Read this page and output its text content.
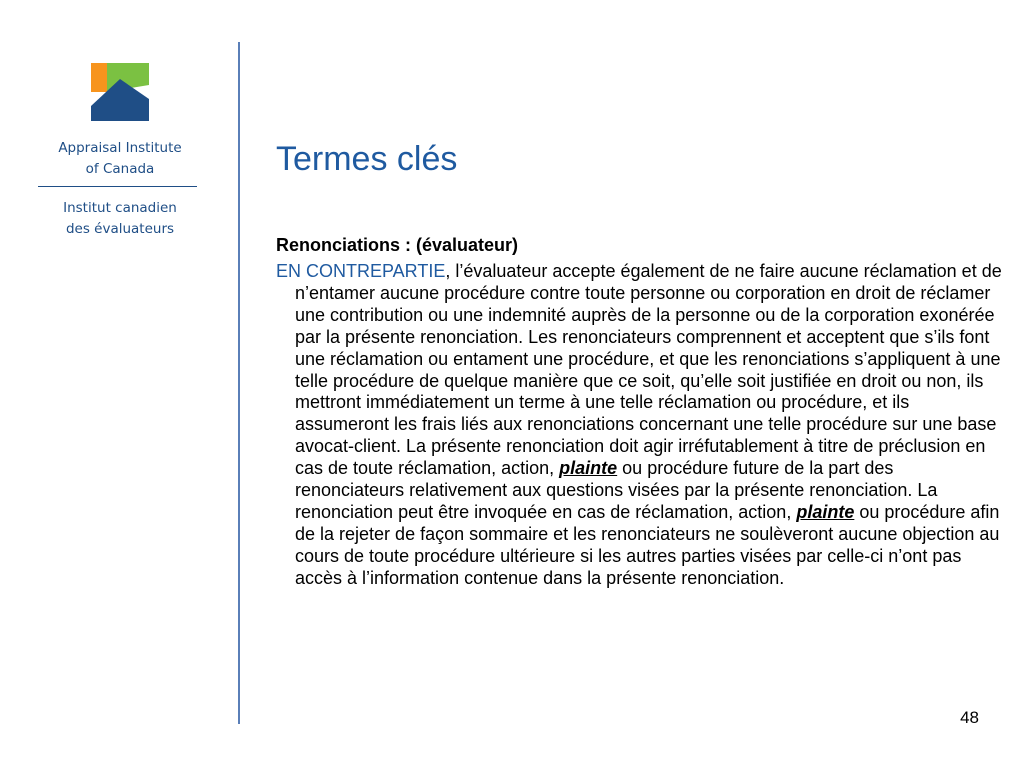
Appraisal Institute
of Canada
Institut canadien
des évaluateurs
Termes clés
Renonciations : (évaluateur)

EN CONTREPARTIE, l’évaluateur accepte également de ne faire aucune réclamation et de n’entamer aucune procédure contre toute personne ou corporation en droit de réclamer une contribution ou une indemnité auprès de la personne ou de la corporation exonérée par la présente renonciation. Les renonciateurs comprennent et acceptent que s’ils font une réclamation ou entament une procédure, et que les renonciations s’appliquent à une telle procédure de quelque manière que ce soit, qu’elle soit justifiée en droit ou non, ils mettront immédiatement un terme à une telle réclamation ou procédure, et ils assumeront les frais liés aux renonciations concernant une telle procédure sur une base avocat-client. La présente renonciation doit agir irréfutablement à titre de préclusion en cas de toute réclamation, action, plainte ou procédure future de la part des renonciateurs relativement aux questions visées par la présente renonciation. La renonciation peut être invoquée en cas de réclamation, action, plainte ou procédure afin de la rejeter de façon sommaire et les renonciateurs ne soulèveront aucune objection au cours de toute procédure ultérieure si les autres parties visées par celle-ci n’ont pas accès à l’information contenue dans la présente renonciation.

48
